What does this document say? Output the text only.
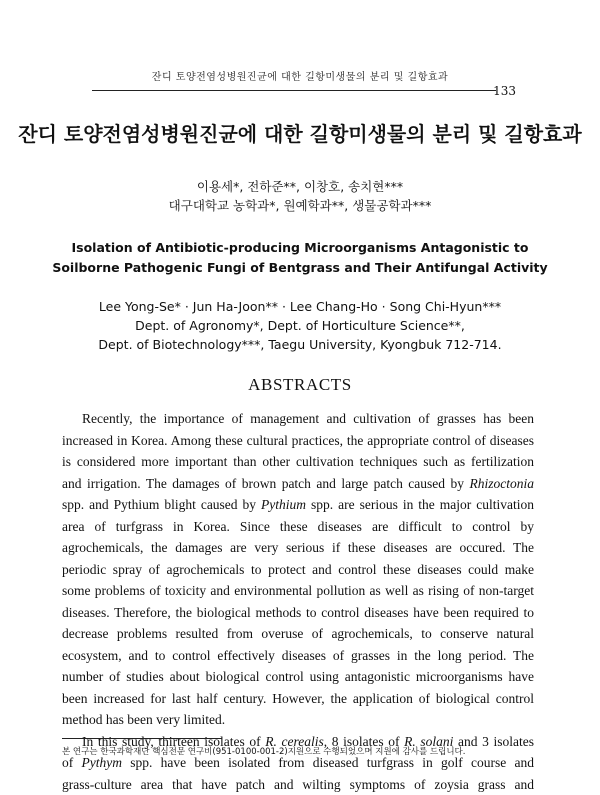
잔디 토양전염성병원진균에 대한 길항미생물의 분리 및 길항효과
133
잔디 토양전염성병원진균에 대한 길항미생물의 분리 및 길항효과
이용세*, 전하준**, 이창호, 송치현***
대구대학교 농학과*, 원예학과**, 생물공학과***
Isolation of Antibiotic-producing Microorganisms Antagonistic to
Soilborne Pathogenic Fungi of Bentgrass and Their Antifungal Activity
Lee Yong-Se* · Jun Ha-Joon** · Lee Chang-Ho · Song Chi-Hyun***
Dept. of Agronomy*, Dept. of Horticulture Science**,
Dept. of Biotechnology***, Taegu University, Kyongbuk 712-714.
ABSTRACTS
Recently, the importance of management and cultivation of grasses has been
increased in Korea. Among these cultural practices, the appropriate control of diseases
is considered more important than other cultivation techniques such as fertilization
and irrigation. The damages of brown patch and large patch caused by Rhizoctonia
spp. and Pythium blight caused by Pythium spp. are serious in the major cultivation
area of turfgrass in Korea. Since these diseases are difficult to control by
agrochemicals, the damages are very serious if these diseases are occured. The
periodic spray of agrochemicals to protect and control these diseases could make
some problems of toxicity and environmental pollution as well as rising of non-target
diseases. Therefore, the biological methods to control diseases have been required to
decrease problems resulted from overuse of agrochemicals, to conserve natural
ecosystem, and to control effectively diseases of grasses in the long period. The
number of studies about biological control using antagonistic microorganisms have
been increased for last half century. However, the application of biological control
method has been very limited.
In this study, thirteen isolates of R. cerealis, 8 isolates of R. solani and 3 isolates
of Pythym spp. have been isolated from diseased turfgrass in golf course and
grass-culture area that have patch and wilting symptoms of zoysia grass and
본 연구는 한국과학재단 핵심전문 연구비(951-0100-001-2)지원으로 수행되었으며 지원에 감사를 드립니다.
